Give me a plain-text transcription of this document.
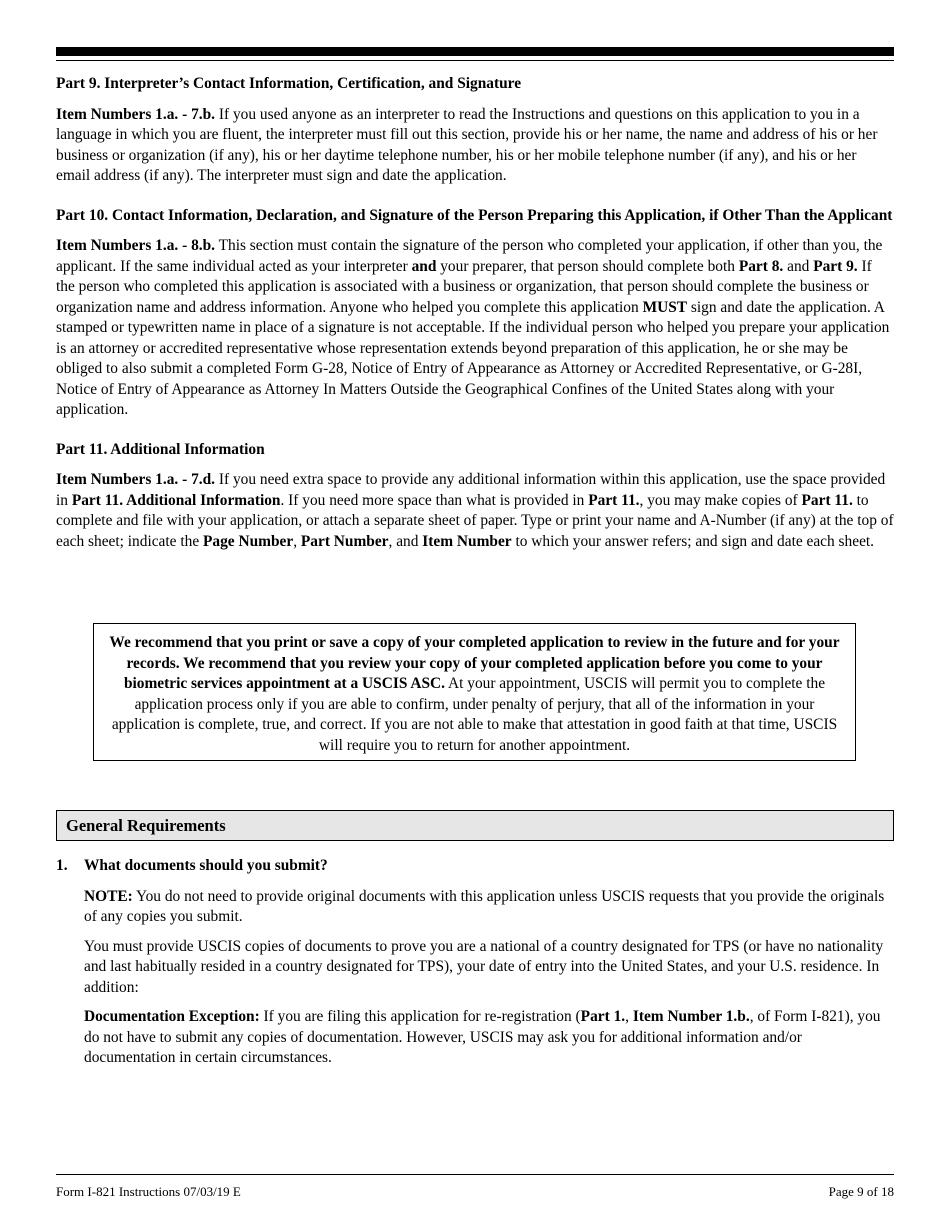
Part 9. Interpreter’s Contact Information, Certification, and Signature

Item Numbers 1.a. - 7.b. If you used anyone as an interpreter to read the Instructions and questions on this application to you in a language in which you are fluent, the interpreter must fill out this section, provide his or her name, the name and address of his or her business or organization (if any), his or her daytime telephone number, his or her mobile telephone number (if any), and his or her email address (if any). The interpreter must sign and date the application.

Part 10. Contact Information, Declaration, and Signature of the Person Preparing this Application, if Other Than the Applicant

Item Numbers 1.a. - 8.b. This section must contain the signature of the person who completed your application, if other than you, the applicant. If the same individual acted as your interpreter and your preparer, that person should complete both Part 8. and Part 9. If the person who completed this application is associated with a business or organization, that person should complete the business or organization name and address information. Anyone who helped you complete this application MUST sign and date the application. A stamped or typewritten name in place of a signature is not acceptable. If the individual person who helped you prepare your application is an attorney or accredited representative whose representation extends beyond preparation of this application, he or she may be obliged to also submit a completed Form G-28, Notice of Entry of Appearance as Attorney or Accredited Representative, or G-28I, Notice of Entry of Appearance as Attorney In Matters Outside the Geographical Confines of the United States along with your application.

Part 11. Additional Information

Item Numbers 1.a. - 7.d. If you need extra space to provide any additional information within this application, use the space provided in Part 11. Additional Information. If you need more space than what is provided in Part 11., you may make copies of Part 11. to complete and file with your application, or attach a separate sheet of paper. Type or print your name and A-Number (if any) at the top of each sheet; indicate the Page Number, Part Number, and Item Number to which your answer refers; and sign and date each sheet.

We recommend that you print or save a copy of your completed application to review in the future and for your records. We recommend that you review your copy of your completed application before you come to your biometric services appointment at a USCIS ASC. At your appointment, USCIS will permit you to complete the application process only if you are able to confirm, under penalty of perjury, that all of the information in your application is complete, true, and correct. If you are not able to make that attestation in good faith at that time, USCIS will require you to return for another appointment.

General Requirements
1. What documents should you submit?

NOTE: You do not need to provide original documents with this application unless USCIS requests that you provide the originals of any copies you submit.

You must provide USCIS copies of documents to prove you are a national of a country designated for TPS (or have no nationality and last habitually resided in a country designated for TPS), your date of entry into the United States, and your U.S. residence. In addition:

Documentation Exception: If you are filing this application for re-registration (Part 1., Item Number 1.b., of Form I-821), you do not have to submit any copies of documentation. However, USCIS may ask you for additional information and/or documentation in certain circumstances.

Form I-821 Instructions 07/03/19 E	Page 9 of 18
